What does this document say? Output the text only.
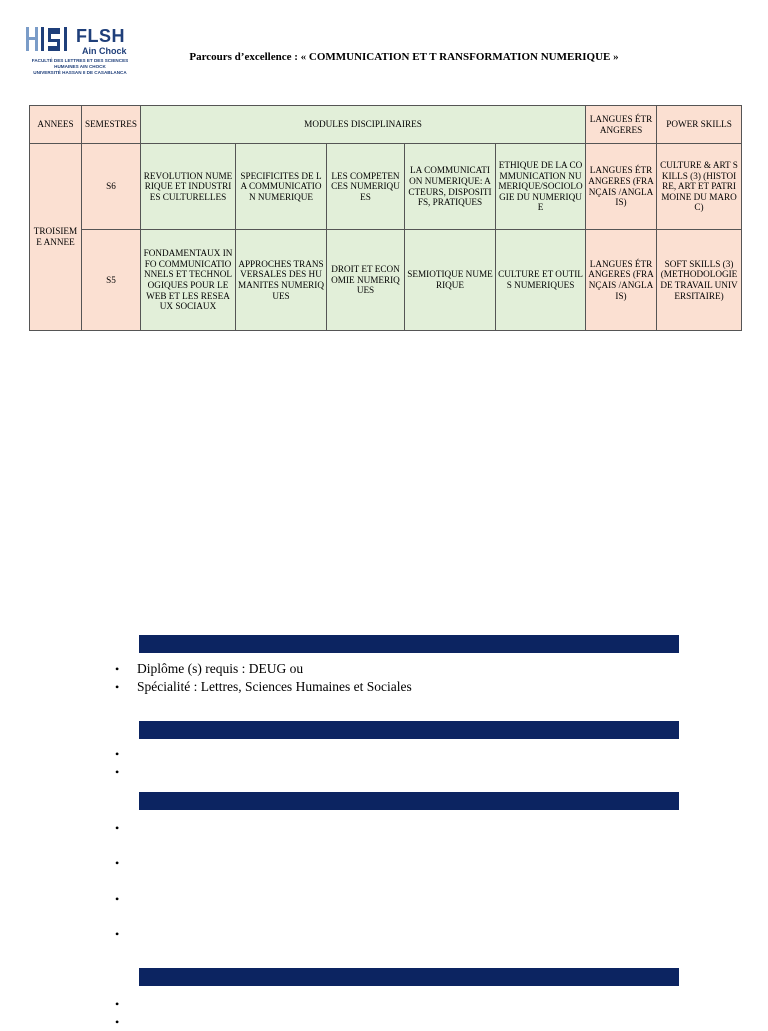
FLSH
Ain Chock
FACULTÉ DES LETTRES ET DES SCIENCES
HUMAINES AIN CHOCK
UNIVERSITÉ HASSAN II DE CASABLANCA
Parcours d’excellence : « COMMUNICATION ET T RANSFORMATION NUMERIQUE »
ANNEES	SEMESTRES	MODULES DISCIPLINAIRES					LANGUES ÉTRANGERES	POWER SKILLS
TROISIEME ANNEE	S6	REVOLUTION NUMERIQUE ET INDUSTRIES CULTURELLES	SPECIFICITES DE LA COMMUNICATION NUMERIQUE	LES COMPETENCES NUMERIQUES	LA COMMUNICATION NUMERIQUE: ACTEURS, DISPOSITIFS, PRATIQUES	ETHIQUE DE LA COMMUNICATION NUMERIQUE/SOCIOLOGIE DU NUMERIQUE	LANGUES ÉTRANGERES (FRANÇAIS /ANGLAIS)	CULTURE & ART SKILLS (3) (HISTOIRE, ART ET PATRIMOINE DU MAROC)
	S5	FONDAMENTAUX INFO COMMUNICATIONNELS ET TECHNOLOGIQUES POUR LE WEB ET LES RESEAUX SOCIAUX	APPROCHES TRANSVERSALES DES HUMANITES NUMERIQUES	DROIT ET ECONOMIE NUMERIQUES	SEMIOTIQUE NUMERIQUE	CULTURE ET OUTILS NUMERIQUES	LANGUES ÉTRANGERES (FRANÇAIS /ANGLAIS)	SOFT SKILLS (3) (METHODOLOGIE DE TRAVAIL UNIVERSITAIRE)
• Diplôme (s) requis : DEUG ou
• Spécialité : Lettres, Sciences Humaines et Sociales
•
•
•
•
•
•
•
•
